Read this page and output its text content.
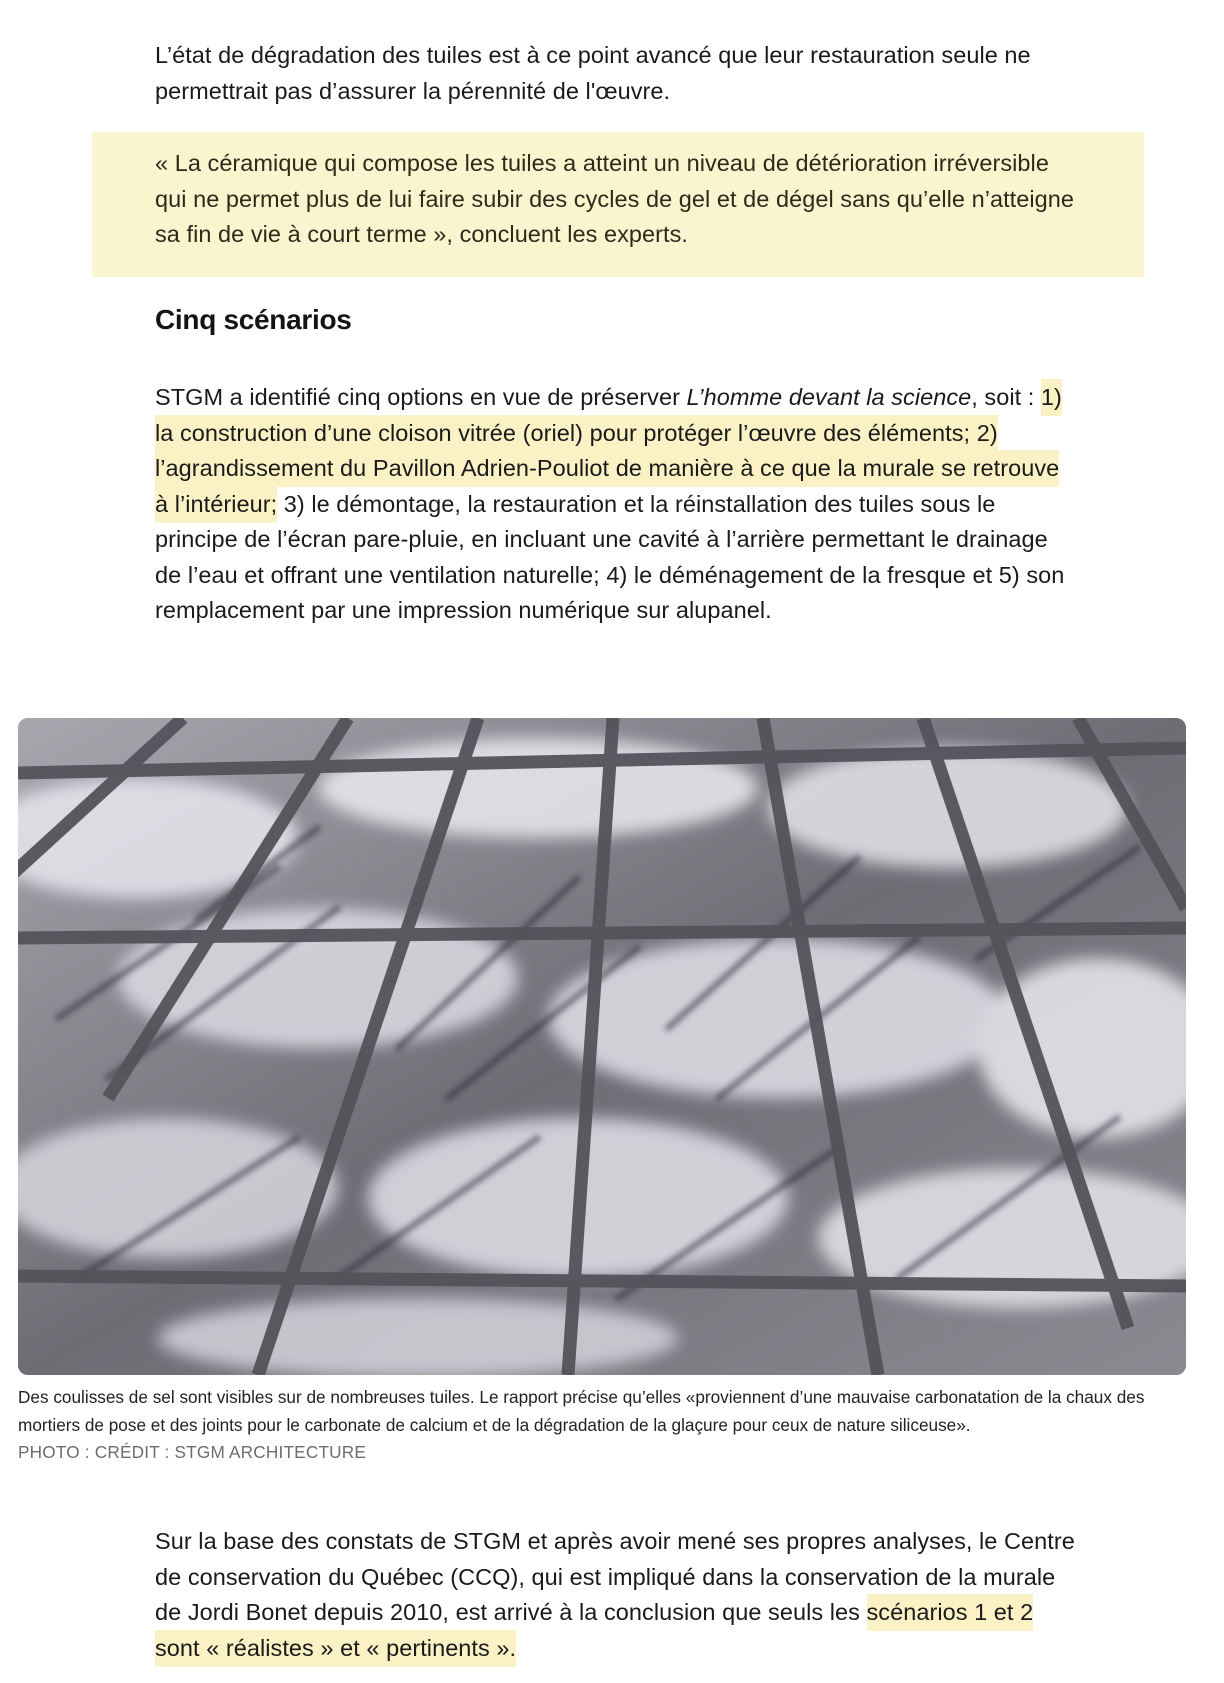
L’état de dégradation des tuiles est à ce point avancé que leur restauration seule ne permettrait pas d’assurer la pérennité de l'œuvre.

« La céramique qui compose les tuiles a atteint un niveau de détérioration irréversible qui ne permet plus de lui faire subir des cycles de gel et de dégel sans qu’elle n’atteigne sa fin de vie à court terme », concluent les experts.

Cinq scénarios

STGM a identifié cinq options en vue de préserver L’homme devant la science, soit : 1) la construction d’une cloison vitrée (oriel) pour protéger l’œuvre des éléments; 2) l’agrandissement du Pavillon Adrien-Pouliot de manière à ce que la murale se retrouve à l’intérieur; 3) le démontage, la restauration et la réinstallation des tuiles sous le principe de l’écran pare-pluie, en incluant une cavité à l’arrière permettant le drainage de l’eau et offrant une ventilation naturelle; 4) le déménagement de la fresque et 5) son remplacement par une impression numérique sur alupanel.

Des coulisses de sel sont visibles sur de nombreuses tuiles. Le rapport précise qu’elles «proviennent d’une mauvaise carbonatation de la chaux des mortiers de pose et des joints pour le carbonate de calcium et de la dégradation de la glaçure pour ceux de nature siliceuse».

PHOTO : CRÉDIT : STGM ARCHITECTURE

Sur la base des constats de STGM et après avoir mené ses propres analyses, le Centre de conservation du Québec (CCQ), qui est impliqué dans la conservation de la murale de Jordi Bonet depuis 2010, est arrivé à la conclusion que seuls les scénarios 1 et 2 sont « réalistes » et « pertinents ».
